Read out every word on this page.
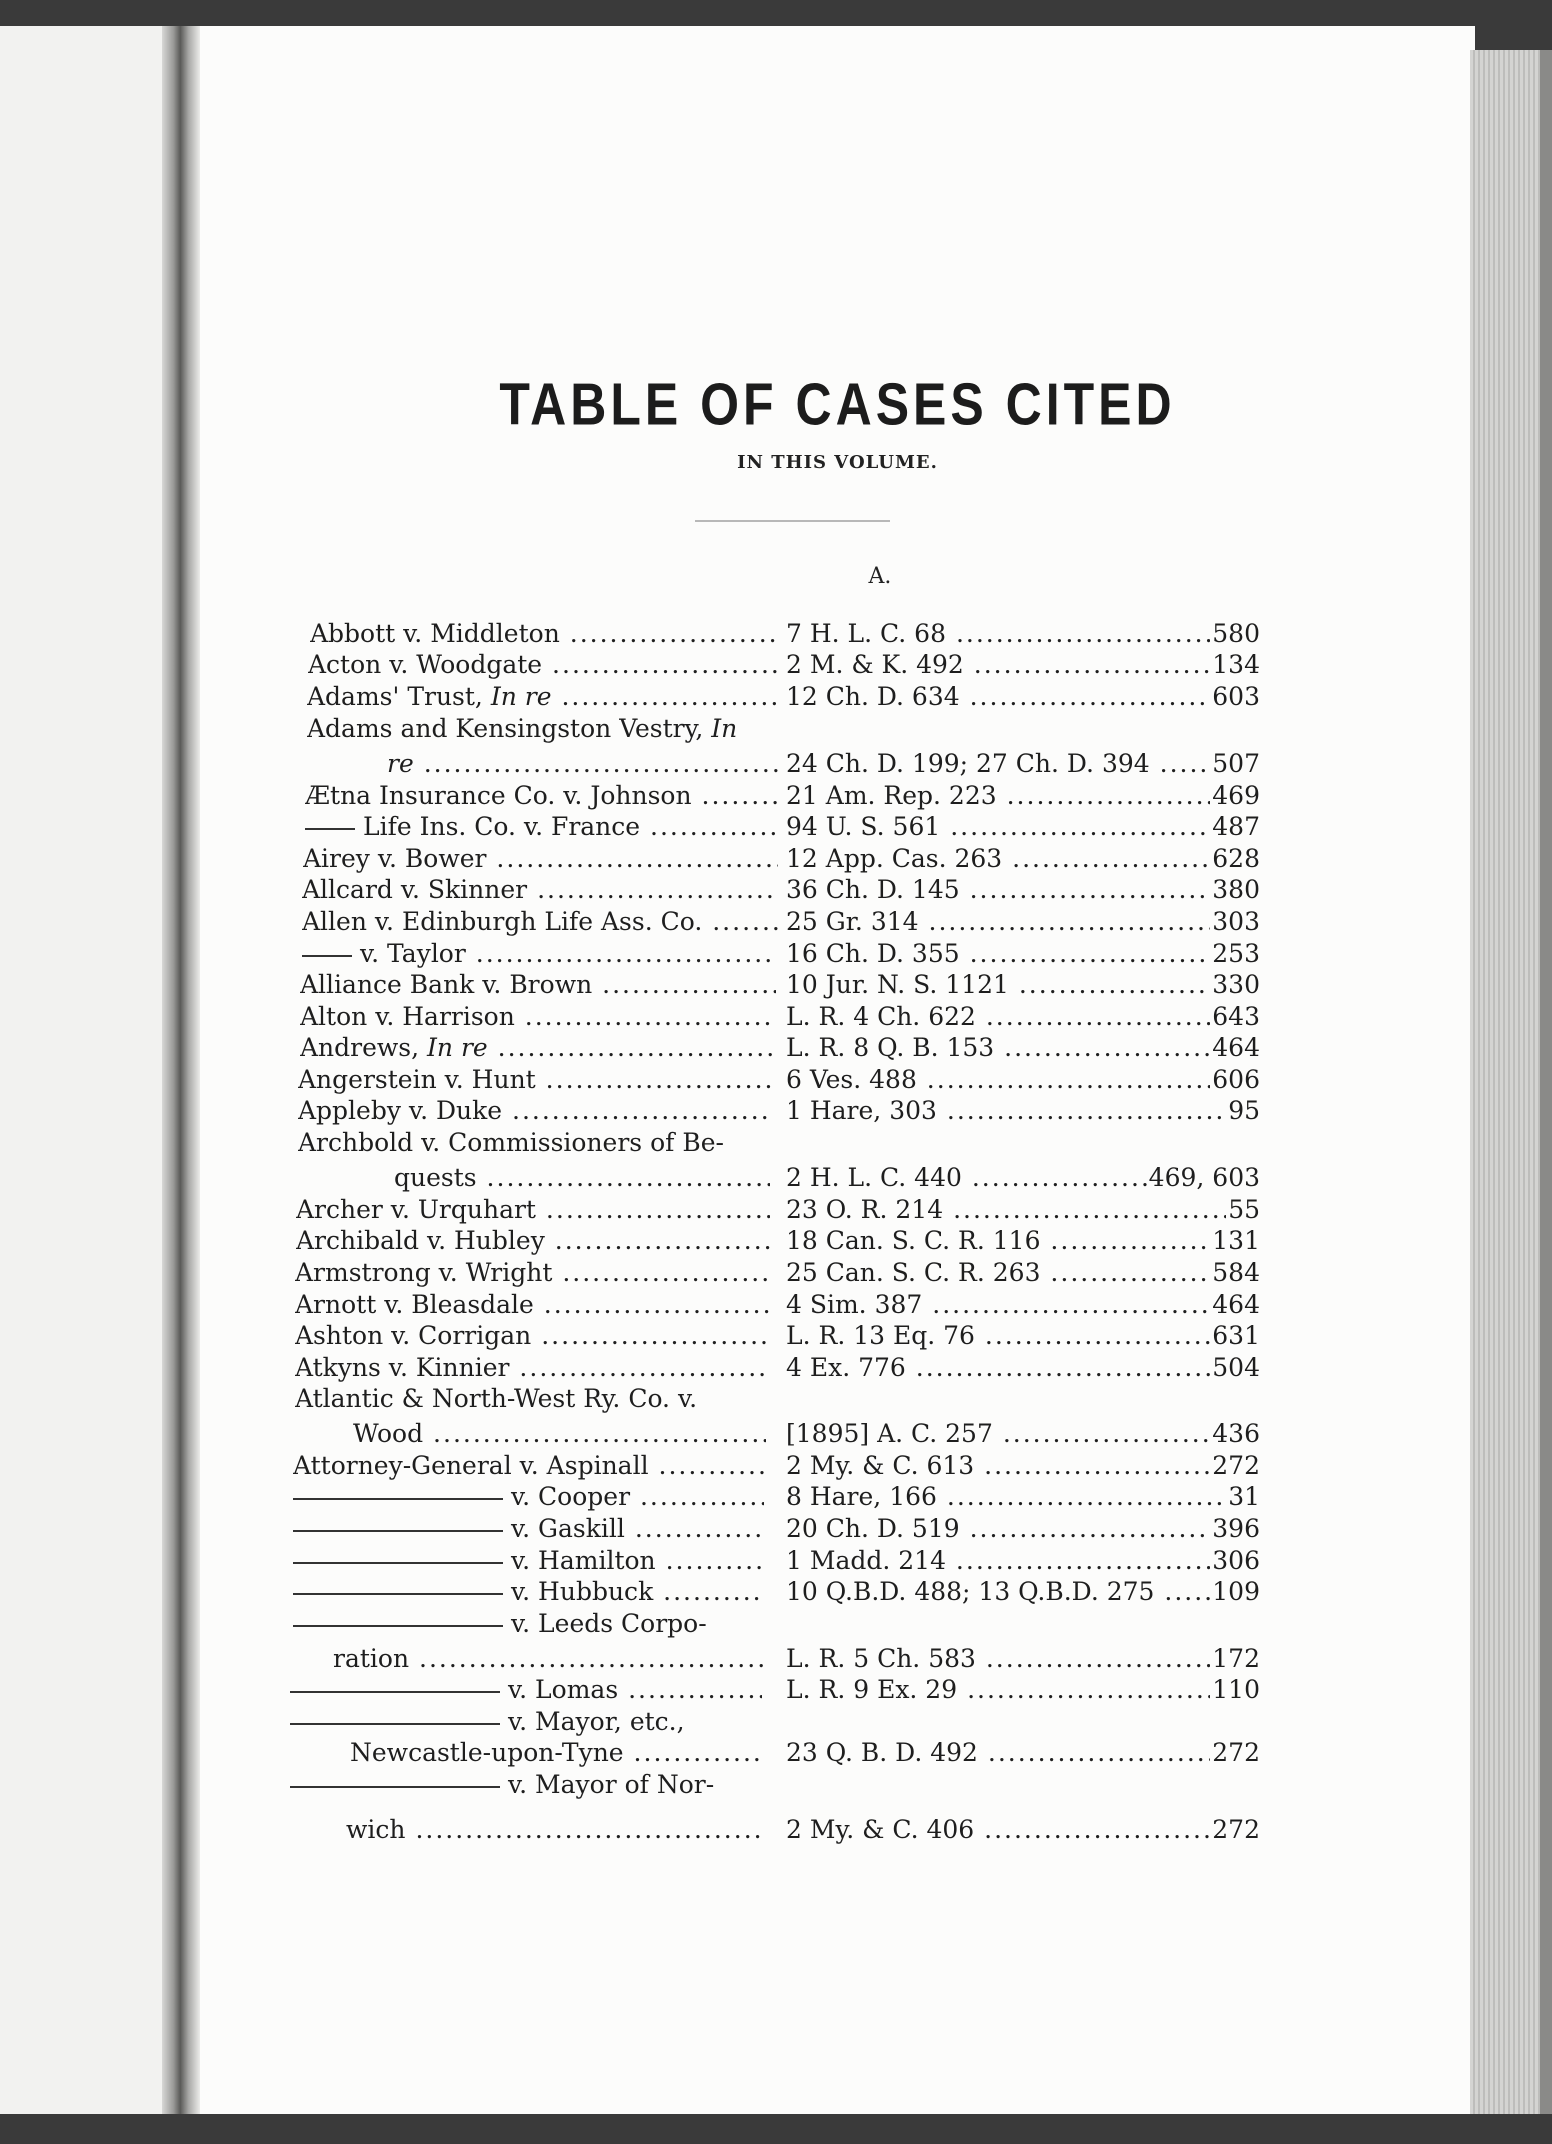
TABLE OF CASES CITED

IN THIS VOLUME.

A.

Abbott v. Middleton .....	7 H. L. C. 68 .....	580
Acton v. Woodgate .....	2 M. & K. 492 .....	134
Adams' Trust, In re .....	12 Ch. D. 634 .....	603
Adams and Kensingston Vestry, In
re .....	24 Ch. D. 199; 27 Ch. D. 394 .....	507
Ætna Insurance Co. v. Johnson .....	21 Am. Rep. 223 .....	469
Life Ins. Co. v. France .....	94 U. S. 561 .....	487
Airey v. Bower .....	12 App. Cas. 263 .....	628
Allcard v. Skinner .....	36 Ch. D. 145 .....	380
Allen v. Edinburgh Life Ass. Co. .....	25 Gr. 314 .....	303
v. Taylor .....	16 Ch. D. 355 .....	253
Alliance Bank v. Brown .....	10 Jur. N. S. 1121 .....	330
Alton v. Harrison .....	L. R. 4 Ch. 622 .....	643
Andrews, In re .....	L. R. 8 Q. B. 153 .....	464
Angerstein v. Hunt .....	6 Ves. 488 .....	606
Appleby v. Duke .....	1 Hare, 303 .....	95
Archbold v. Commissioners of Be-
quests .....	2 H. L. C. 440 .....	469, 603
Archer v. Urquhart .....	23 O. R. 214 .....	55
Archibald v. Hubley .....	18 Can. S. C. R. 116 .....	131
Armstrong v. Wright .....	25 Can. S. C. R. 263 .....	584
Arnott v. Bleasdale .....	4 Sim. 387 .....	464
Ashton v. Corrigan .....	L. R. 13 Eq. 76 .....	631
Atkyns v. Kinnier .....	4 Ex. 776 .....	504
Atlantic & North-West Ry. Co. v.
Wood .....	[1895] A. C. 257 .....	436
Attorney-General v. Aspinall .....	2 My. & C. 613 .....	272
v. Cooper .....	8 Hare, 166 .....	31
v. Gaskill .....	20 Ch. D. 519 .....	396
v. Hamilton .....	1 Madd. 214 .....	306
v. Hubbuck .....	10 Q.B.D. 488; 13 Q.B.D. 275 .....	109
v. Leeds Corpo-
ration .....	L. R. 5 Ch. 583 .....	172
v. Lomas .....	L. R. 9 Ex. 29 .....	110
v. Mayor, etc.,
Newcastle-upon-Tyne .....	23 Q. B. D. 492 .....	272
v. Mayor of Nor-
wich .....	2 My. & C. 406 .....	272
